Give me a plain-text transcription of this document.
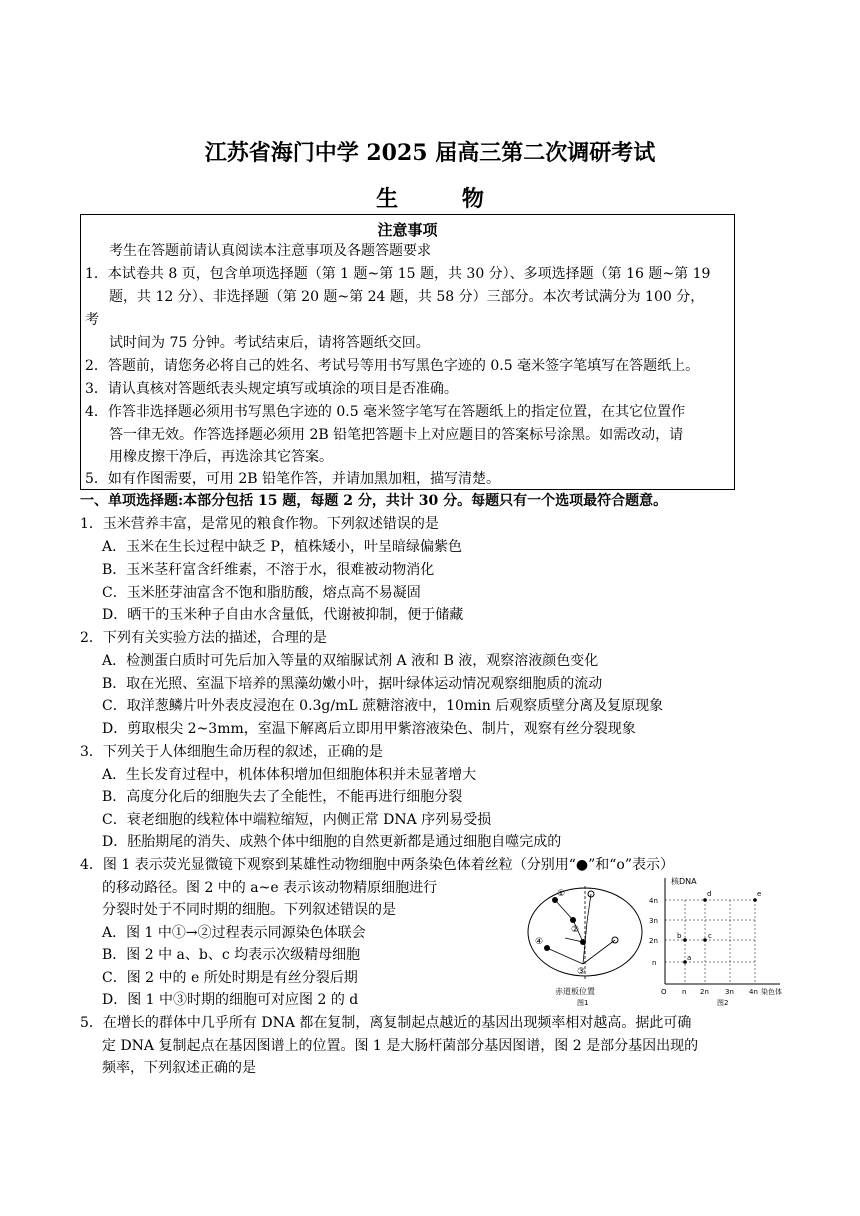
江苏省海门中学 2025 届高三第二次调研考试
生 物
注意事项
考生在答题前请认真阅读本注意事项及各题答题要求
1．本试卷共 8 页，包含单项选择题（第 1 题~第 15 题，共 30 分）、多项选择题（第 16 题~第 19
题，共 12 分）、非选择题（第 20 题~第 24 题，共 58 分）三部分。本次考试满分为 100 分，
考
试时间为 75 分钟。考试结束后，请将答题纸交回。
2．答题前，请您务必将自己的姓名、考试号等用书写黑色字迹的 0.5 毫米签字笔填写在答题纸上。
3．请认真核对答题纸表头规定填写或填涂的项目是否准确。
4．作答非选择题必须用书写黑色字迹的 0.5 毫米签字笔写在答题纸上的指定位置，在其它位置作
答一律无效。作答选择题必须用 2B 铅笔把答题卡上对应题目的答案标号涂黑。如需改动，请
用橡皮擦干净后，再选涂其它答案。
5．如有作图需要，可用 2B 铅笔作答，并请加黑加粗，描写清楚。
一、单项选择题:本部分包括 15 题，每题 2 分，共计 30 分。每题只有一个选项最符合题意。
1．玉米营养丰富，是常见的粮食作物。下列叙述错误的是
A．玉米在生长过程中缺乏 P，植株矮小，叶呈暗绿偏紫色
B．玉米茎秆富含纤维素，不溶于水，很难被动物消化
C．玉米胚芽油富含不饱和脂肪酸，熔点高不易凝固
D．晒干的玉米种子自由水含量低，代谢被抑制，便于储藏
2．下列有关实验方法的描述，合理的是
A．检测蛋白质时可先后加入等量的双缩脲试剂 A 液和 B 液，观察溶液颜色变化
B．取在光照、室温下培养的黑藻幼嫩小叶，据叶绿体运动情况观察细胞质的流动
C．取洋葱鳞片叶外表皮浸泡在 0.3g/mL 蔗糖溶液中，10min 后观察质壁分离及复原现象
D．剪取根尖 2~3mm，室温下解离后立即用甲紫溶液染色、制片，观察有丝分裂现象
3．下列关于人体细胞生命历程的叙述，正确的是
A．生长发育过程中，机体体积增加但细胞体积并未显著增大
B．高度分化后的细胞失去了全能性，不能再进行细胞分裂
C．衰老细胞的线粒体中端粒缩短，内侧正常 DNA 序列易受损
D．胚胎期尾的消失、成熟个体中细胞的自然更新都是通过细胞自噬完成的
4．图 1 表示荧光显微镜下观察到某雄性动物细胞中两条染色体着丝粒（分别用“●”和“o”表示）
的移动路径。图 2 中的 a~e 表示该动物精原细胞进行
分裂时处于不同时期的细胞。下列叙述错误的是
A．图 1 中①→②过程表示同源染色体联会
B．图 2 中 a、b、c 均表示次级精母细胞
C．图 2 中的 e 所处时期是有丝分裂后期
D．图 1 中③时期的细胞可对应图 2 的 d
5．在增长的群体中几乎所有 DNA 都在复制，离复制起点越近的基因出现频率相对越高。据此可确
定 DNA 复制起点在基因图谱上的位置。图 1 是大肠杆菌部分基因图谱，图 2 是部分基因出现的
频率，下列叙述正确的是
①
②
③
④
赤道板位置
图1
核DNA
4n
3n
2n
n
O n 2n 3n 4n 染色体
a
b	c
d	e
图2
